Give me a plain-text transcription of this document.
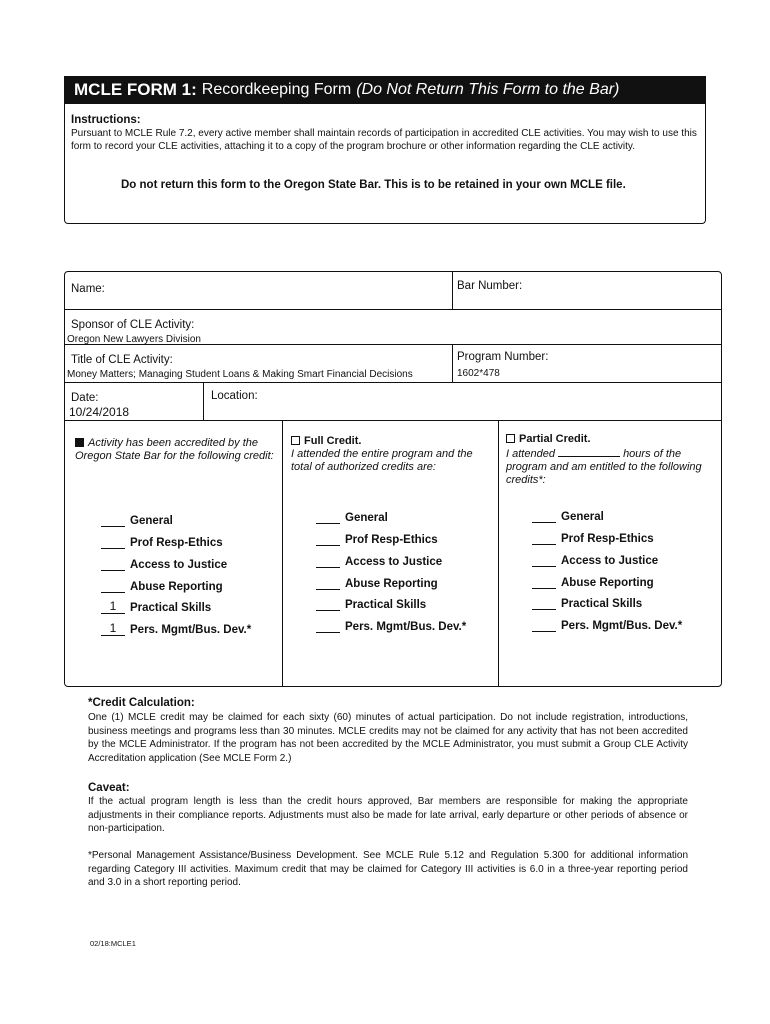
MCLE FORM 1: Recordkeeping Form (Do Not Return This Form to the Bar)
Instructions:
Pursuant to MCLE Rule 7.2, every active member shall maintain records of participation in accredited CLE activities. You may wish to use this form to record your CLE activities, attaching it to a copy of the program brochure or other information regarding the CLE activity.
Do not return this form to the Oregon State Bar. This is to be retained in your own MCLE file.
Name:	Bar Number:
Sponsor of CLE Activity:
Oregon New Lawyers Division
Title of CLE Activity:
Money Matters; Managing Student Loans & Making Smart Financial Decisions
Program Number:
1602*478
Date:
10/24/2018
Location:
Activity has been accredited by the Oregon State Bar for the following credit:
Full Credit.
I attended the entire program and the total of authorized credits are:
Partial Credit.
I attended	hours of the program and am entitled to the following credits*:
General
Prof Resp-Ethics
Access to Justice
Abuse Reporting
1	Practical Skills
1	Pers. Mgmt/Bus. Dev.*
General
Prof Resp-Ethics
Access to Justice
Abuse Reporting
Practical Skills
Pers. Mgmt/Bus. Dev.*
General
Prof Resp-Ethics
Access to Justice
Abuse Reporting
Practical Skills
Pers. Mgmt/Bus. Dev.*
*Credit Calculation:
One (1) MCLE credit may be claimed for each sixty (60) minutes of actual participation. Do not include registration, introductions, business meetings and programs less than 30 minutes. MCLE credits may not be claimed for any activity that has not been accredited by the MCLE Administrator. If the program has not been accredited by the MCLE Administrator, you must submit a Group CLE Activity Accreditation application (See MCLE Form 2.)
Caveat:
If the actual program length is less than the credit hours approved, Bar members are responsible for making the appropriate adjustments in their compliance reports. Adjustments must also be made for late arrival, early departure or other periods of absence or non-participation.
*Personal Management Assistance/Business Development. See MCLE Rule 5.12 and Regulation 5.300 for additional information regarding Category III activities. Maximum credit that may be claimed for Category III activities is 6.0 in a three-year reporting period and 3.0 in a short reporting period.
02/18:MCLE1
